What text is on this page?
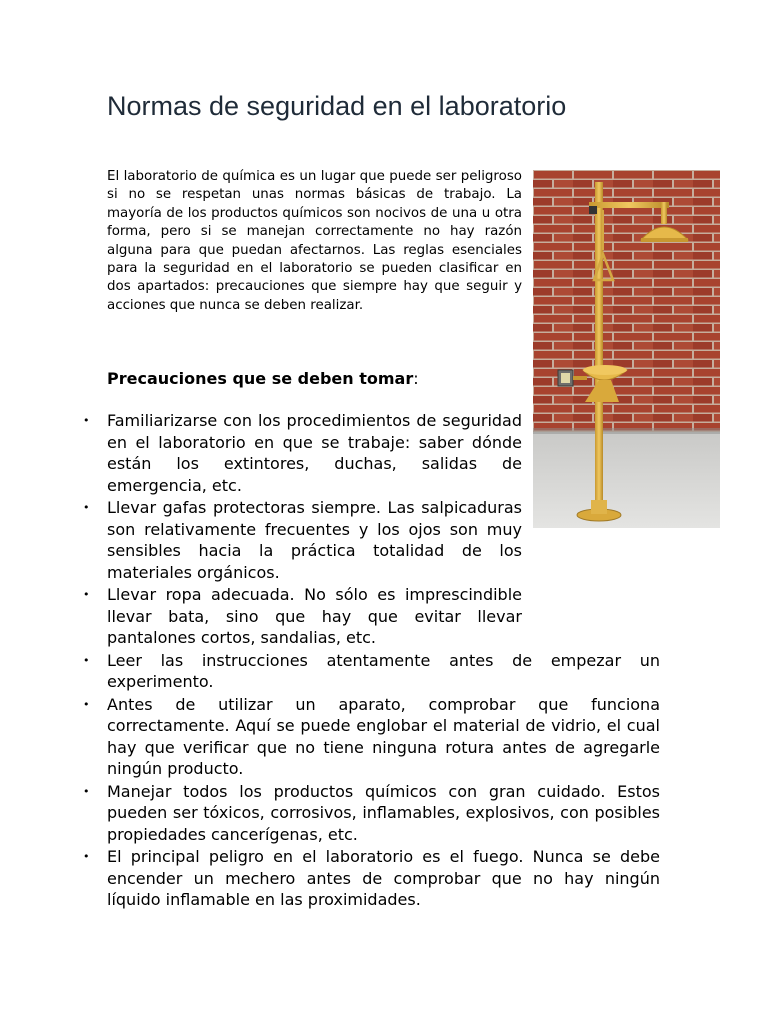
Normas de seguridad en el laboratorio

El laboratorio de química es un lugar que puede ser peligroso si no se respetan unas normas básicas de trabajo. La mayoría de los productos químicos son nocivos de una u otra forma, pero si se manejan correctamente no hay razón alguna para que puedan afectarnos. Las reglas esenciales para la seguridad en el laboratorio se pueden clasificar en dos apartados: precauciones que siempre hay que seguir y acciones que nunca se deben realizar.

Precauciones que se deben tomar:

• Familiarizarse con los procedimientos de seguridad en el laboratorio en que se trabaje: saber dónde están los extintores, duchas, salidas de emergencia, etc.
• Llevar gafas protectoras siempre. Las salpicaduras son relativamente frecuentes y los ojos son muy sensibles hacia la práctica totalidad de los materiales orgánicos.
• Llevar ropa adecuada. No sólo es imprescindible llevar bata, sino que hay que evitar llevar pantalones cortos, sandalias, etc.
• Leer las instrucciones atentamente antes de empezar un experimento.
• Antes de utilizar un aparato, comprobar que funciona correctamente. Aquí se puede englobar el material de vidrio, el cual hay que verificar que no tiene ninguna rotura antes de agregarle ningún producto.
• Manejar todos los productos químicos con gran cuidado. Estos pueden ser tóxicos, corrosivos, inflamables, explosivos, con posibles propiedades cancerígenas, etc.
• El principal peligro en el laboratorio es el fuego. Nunca se debe encender un mechero antes de comprobar que no hay ningún líquido inflamable en las proximidades.
